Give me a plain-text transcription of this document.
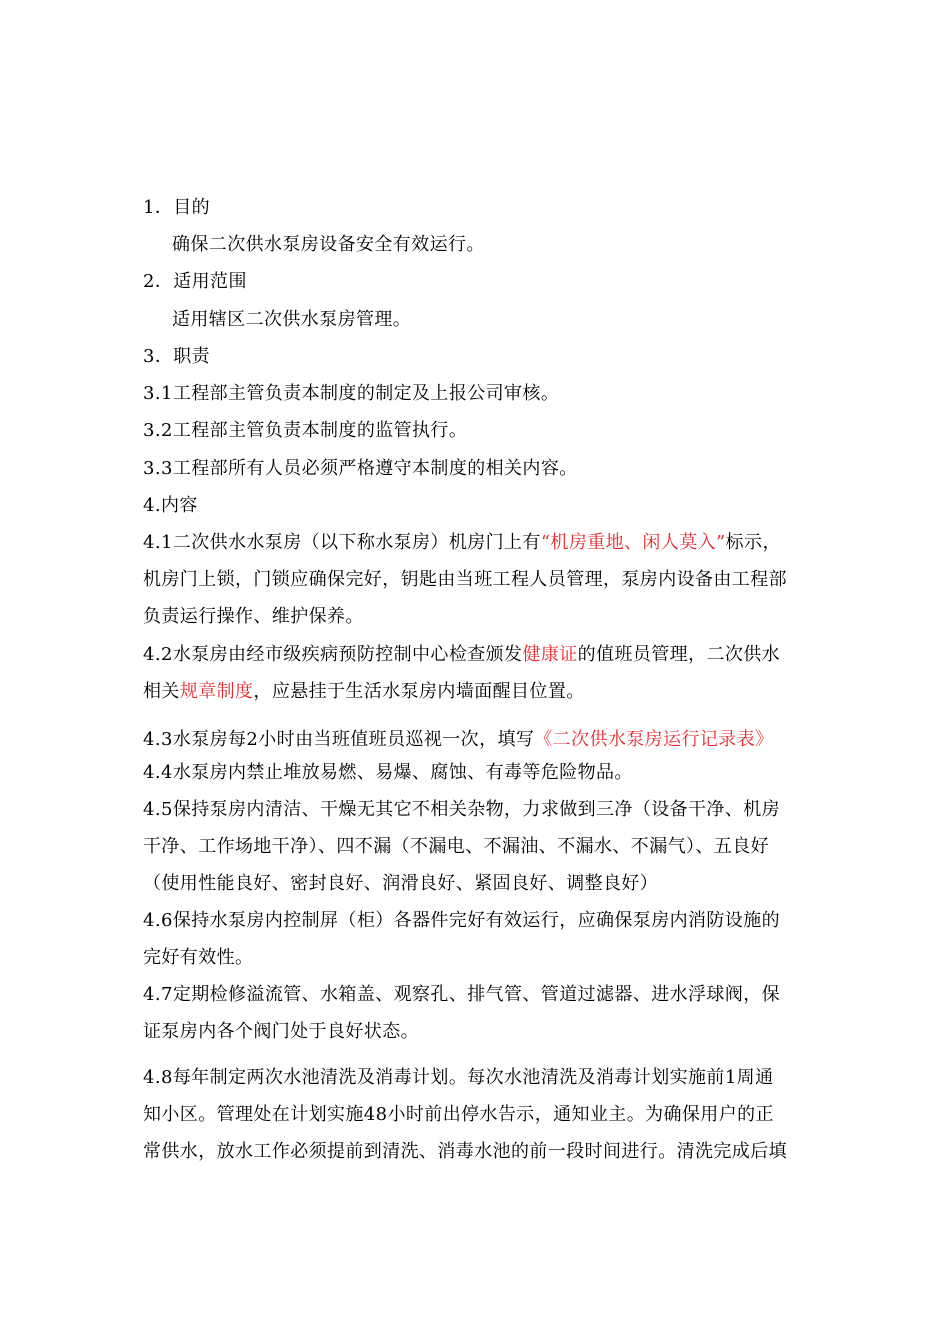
1．目的
确保二次供水泵房设备安全有效运行。
2．适用范围
适用辖区二次供水泵房管理。
3．职责
3.1工程部主管负责本制度的制定及上报公司审核。
3.2工程部主管负责本制度的监管执行。
3.3工程部所有人员必须严格遵守本制度的相关内容。
4.内容
4.1二次供水水泵房（以下称水泵房）机房门上有“机房重地、闲人莫入”标示，
机房门上锁，门锁应确保完好，钥匙由当班工程人员管理，泵房内设备由工程部
负责运行操作、维护保养。
4.2水泵房由经市级疾病预防控制中心检查颁发健康证的值班员管理，二次供水
相关规章制度，应悬挂于生活水泵房内墙面醒目位置。
4.3水泵房每2小时由当班值班员巡视一次，填写《二次供水泵房运行记录表》
4.4水泵房内禁止堆放易燃、易爆、腐蚀、有毒等危险物品。
4.5保持泵房内清洁、干燥无其它不相关杂物，力求做到三净（设备干净、机房
干净、工作场地干净）、四不漏（不漏电、不漏油、不漏水、不漏气）、五良好
（使用性能良好、密封良好、润滑良好、紧固良好、调整良好）
4.6保持水泵房内控制屏（柜）各器件完好有效运行，应确保泵房内消防设施的
完好有效性。
4.7定期检修溢流管、水箱盖、观察孔、排气管、管道过滤器、进水浮球阀，保
证泵房内各个阀门处于良好状态。
4.8每年制定两次水池清洗及消毒计划。每次水池清洗及消毒计划实施前1周通
知小区。管理处在计划实施48小时前出停水告示，通知业主。为确保用户的正
常供水，放水工作必须提前到清洗、消毒水池的前一段时间进行。清洗完成后填
